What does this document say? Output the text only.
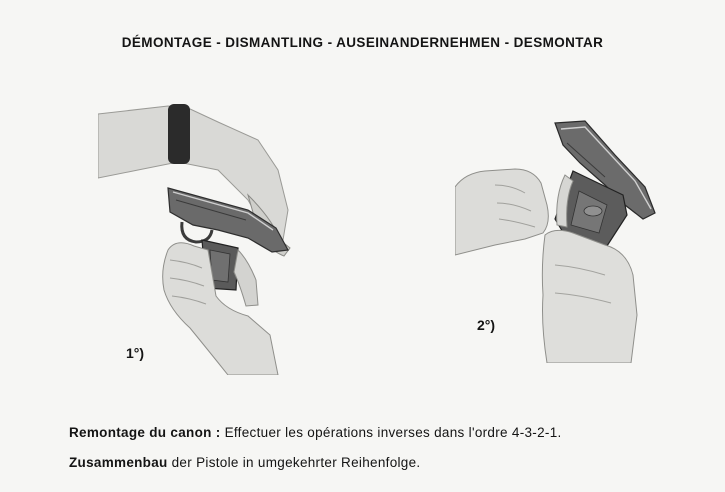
DÉMONTAGE - DISMANTLING - AUSEINANDERNEHMEN - DESMONTAR
1°)
2°)
Remontage du canon : Effectuer les opérations inverses dans l'ordre 4-3-2-1.
Zusammenbau der Pistole in umgekehrter Reihenfolge.
